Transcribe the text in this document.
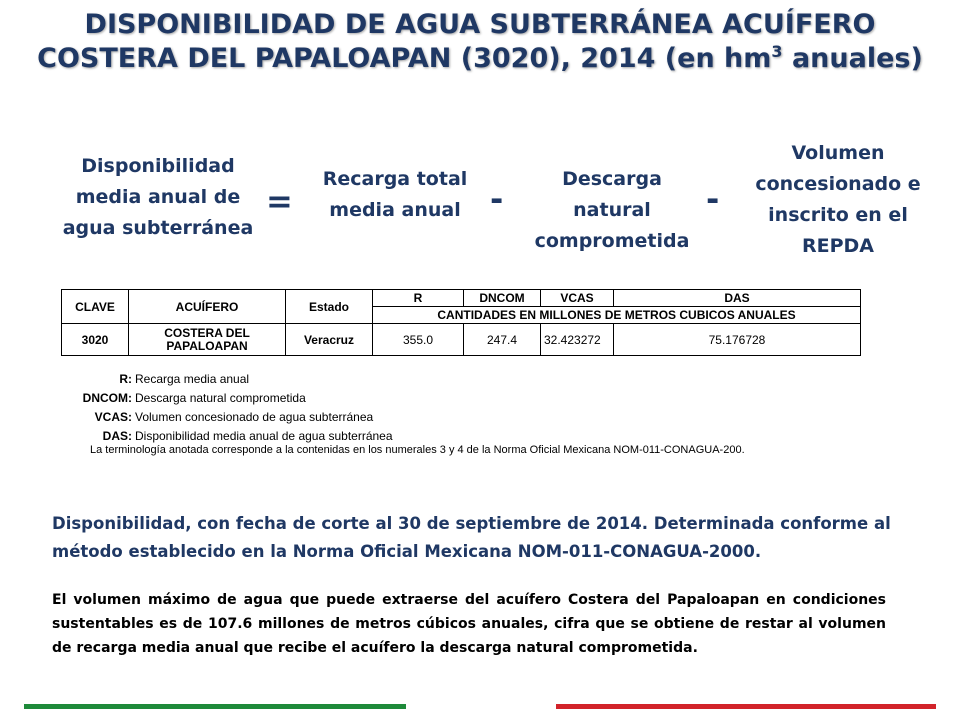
DISPONIBILIDAD DE AGUA SUBTERRÁNEA ACUÍFERO
COSTERA DEL PAPALOAPAN (3020), 2014 (en $hm^3$ anuales)
Disponibilidad media anual de agua subterránea
=
Recarga total media anual -
Descarga natural comprometida
-
Volumen concesionado e inscrito en el REPDA
CLAVE	ACUÍFERO	Estado	R	DNCOM	VCAS	DAS
			CANTIDADES EN MILLONES DE METROS CUBICOS ANUALES			
3020	COSTERA DEL PAPALOAPAN	Veracruz	355.0	247.4	32.423272	75.176728
R: Recarga media anual
DNCOM: Descarga natural comprometida
VCAS: Volumen concesionado de agua subterránea
DAS: Disponibilidad media anual de agua subterránea
La terminología anotada corresponde a la contenidas en los numerales 3 y 4 de la Norma Oficial Mexicana NOM-011-CONAGUA-200.
Disponibilidad, con fecha de corte al 30 de septiembre de 2014. Determinada conforme al método establecido en la Norma Oficial Mexicana NOM-011-CONAGUA-2000.
El volumen máximo de agua que puede extraerse del acuífero Costera del Papaloapan en condiciones sustentables es de 107.6 millones de metros cúbicos anuales, cifra que se obtiene de restar al volumen de recarga media anual que recibe el acuífero la descarga natural comprometida.
